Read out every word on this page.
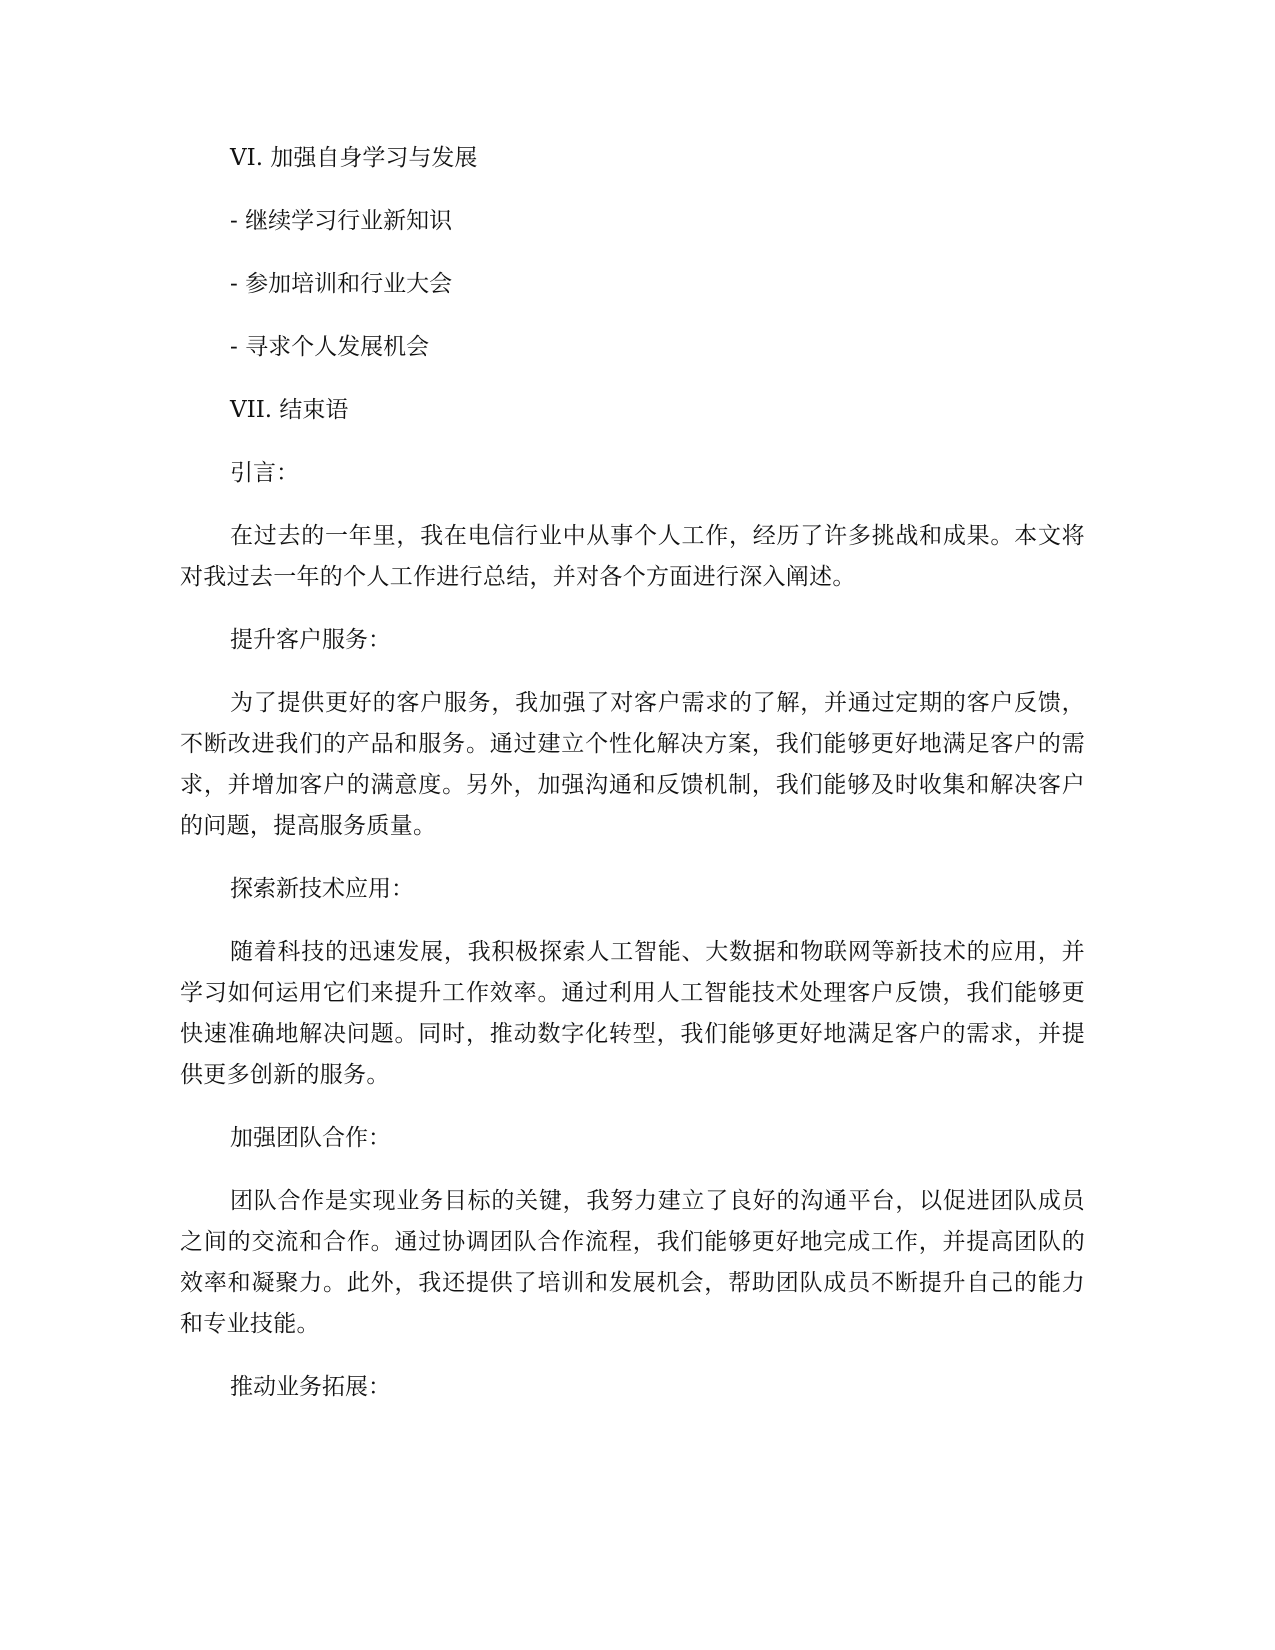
VI. 加强自身学习与发展

- 继续学习行业新知识

- 参加培训和行业大会

- 寻求个人发展机会

VII. 结束语

引言：

在过去的一年里，我在电信行业中从事个人工作，经历了许多挑战和成果。本文将对我过去一年的个人工作进行总结，并对各个方面进行深入阐述。

提升客户服务：

为了提供更好的客户服务，我加强了对客户需求的了解，并通过定期的客户反馈，不断改进我们的产品和服务。通过建立个性化解决方案，我们能够更好地满足客户的需求，并增加客户的满意度。另外，加强沟通和反馈机制，我们能够及时收集和解决客户的问题，提高服务质量。

探索新技术应用：

随着科技的迅速发展，我积极探索人工智能、大数据和物联网等新技术的应用，并学习如何运用它们来提升工作效率。通过利用人工智能技术处理客户反馈，我们能够更快速准确地解决问题。同时，推动数字化转型，我们能够更好地满足客户的需求，并提供更多创新的服务。

加强团队合作：

团队合作是实现业务目标的关键，我努力建立了良好的沟通平台，以促进团队成员之间的交流和合作。通过协调团队合作流程，我们能够更好地完成工作，并提高团队的效率和凝聚力。此外，我还提供了培训和发展机会，帮助团队成员不断提升自己的能力和专业技能。

推动业务拓展：
